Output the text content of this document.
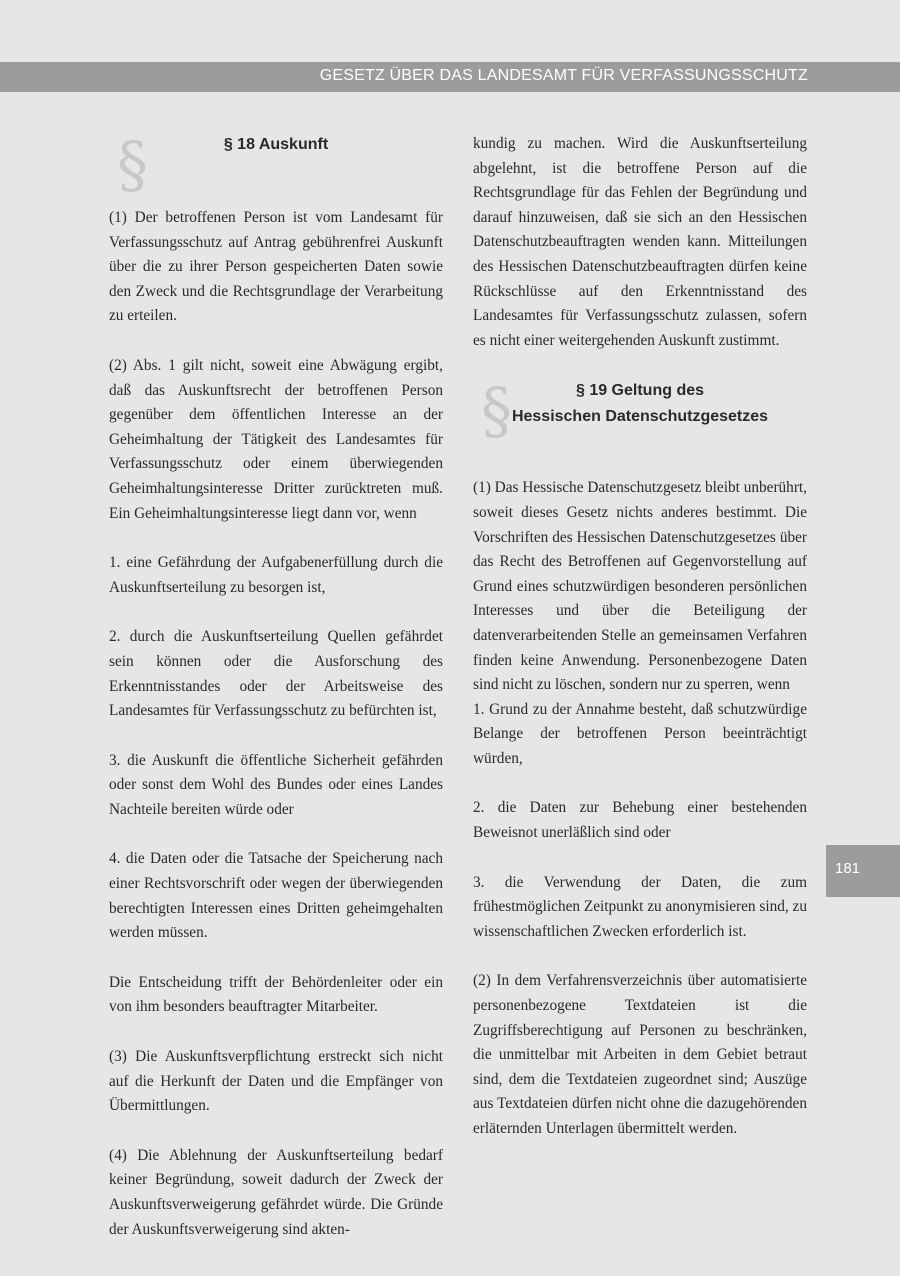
GESETZ ÜBER DAS LANDESAMT FÜR VERFASSUNGSSCHUTZ
181
§	§ 18 Auskunft

(1) Der betroffenen Person ist vom Landesamt für Verfassungsschutz auf Antrag gebührenfrei Auskunft über die zu ihrer Person gespeicherten Daten sowie den Zweck und die Rechtsgrundlage der Verarbeitung zu erteilen.

(2) Abs. 1 gilt nicht, soweit eine Abwägung ergibt, daß das Auskunftsrecht der betroffenen Person gegenüber dem öffentlichen Interesse an der Geheimhaltung der Tätigkeit des Landesamtes für Verfassungsschutz oder einem überwiegenden Geheimhaltungsinteresse Dritter zurücktreten muß. Ein Geheimhaltungsinteresse liegt dann vor, wenn

1. eine Gefährdung der Aufgabenerfüllung durch die Auskunftserteilung zu besorgen ist,

2. durch die Auskunftserteilung Quellen gefährdet sein können oder die Ausforschung des Erkenntnisstandes oder der Arbeitsweise des Landesamtes für Verfassungsschutz zu befürchten ist,

3. die Auskunft die öffentliche Sicherheit gefährden oder sonst dem Wohl des Bundes oder eines Landes Nachteile bereiten würde oder

4. die Daten oder die Tatsache der Speicherung nach einer Rechtsvorschrift oder wegen der überwiegenden berechtigten Interessen eines Dritten geheimgehalten werden müssen.

Die Entscheidung trifft der Behördenleiter oder ein von ihm besonders beauftragter Mitarbeiter.

(3) Die Auskunftsverpflichtung erstreckt sich nicht auf die Herkunft der Daten und die Empfänger von Übermittlungen.

(4) Die Ablehnung der Auskunftserteilung bedarf keiner Begründung, soweit dadurch der Zweck der Auskunftsverweigerung gefährdet würde. Die Gründe der Auskunftsverweigerung sind akten-

kundig zu machen. Wird die Auskunftserteilung abgelehnt, ist die betroffene Person auf die Rechtsgrundlage für das Fehlen der Begründung und darauf hinzuweisen, daß sie sich an den Hessischen Datenschutzbeauftragten wenden kann. Mitteilungen des Hessischen Datenschutzbeauftragten dürfen keine Rückschlüsse auf den Erkenntnisstand des Landesamtes für Verfassungsschutz zulassen, sofern es nicht einer weitergehenden Auskunft zustimmt.

§	§ 19 Geltung des
Hessischen Datenschutzgesetzes

(1) Das Hessische Datenschutzgesetz bleibt unberührt, soweit dieses Gesetz nichts anderes bestimmt. Die Vorschriften des Hessischen Datenschutzgesetzes über das Recht des Betroffenen auf Gegenvorstellung auf Grund eines schutzwürdigen besonderen persönlichen Interesses und über die Beteiligung der datenverarbeitenden Stelle an gemeinsamen Verfahren finden keine Anwendung. Personenbezogene Daten sind nicht zu löschen, sondern nur zu sperren, wenn

1. Grund zu der Annahme besteht, daß schutzwürdige Belange der betroffenen Person beeinträchtigt würden,

2. die Daten zur Behebung einer bestehenden Beweisnot unerläßlich sind oder

3. die Verwendung der Daten, die zum frühestmöglichen Zeitpunkt zu anonymisieren sind, zu wissenschaftlichen Zwecken erforderlich ist.

(2) In dem Verfahrensverzeichnis über automatisierte personenbezogene Textdateien ist die Zugriffsberechtigung auf Personen zu beschränken, die unmittelbar mit Arbeiten in dem Gebiet betraut sind, dem die Textdateien zugeordnet sind; Auszüge aus Textdateien dürfen nicht ohne die dazugehörenden erläternden Unterlagen übermittelt werden.
